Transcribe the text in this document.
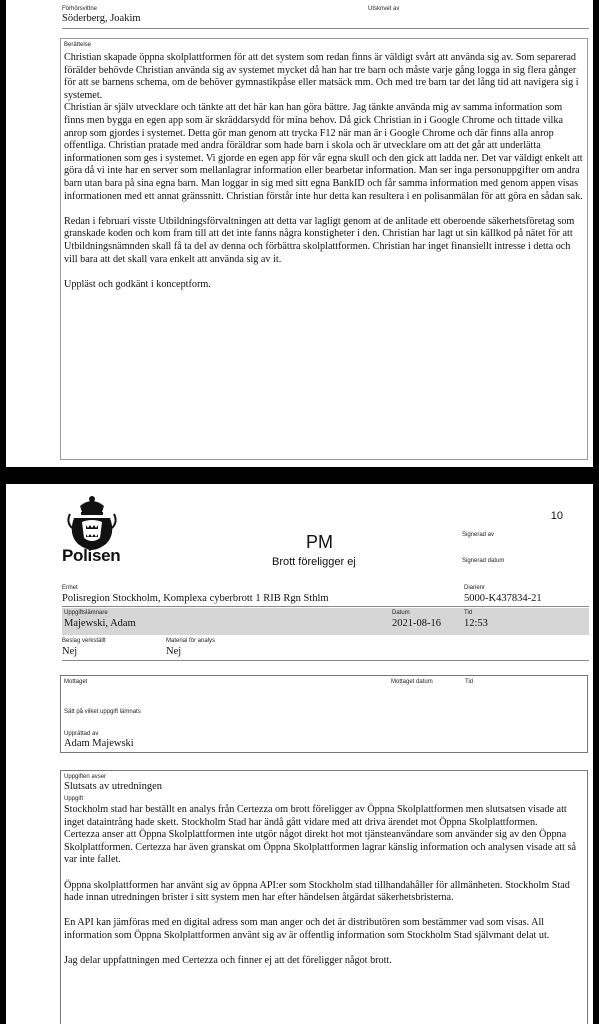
Förhörsvittne
Söderberg, Joakim
Utskrivet av
Berättelse

Christian skapade öppna skolplattformen för att det system som redan finns är väldigt svårt att använda sig av. Som separerad förälder behövde Christian använda sig av systemet mycket då han har tre barn och måste varje gång logga in sig flera gånger för att se barnens schema, om de behöver gymnastikpåse eller matsäck mm. Och med tre barn tar det lång tid att navigera sig i systemet.
Christian är själv utvecklare och tänkte att det här kan han göra bättre. Jag tänkte använda mig av samma information som finns men bygga en egen app som är skräddarsydd för mina behov. Då gick Christian in i Google Chrome och tittade vilka anrop som gjordes i systemet. Detta gör man genom att trycka F12 när man är i Google Chrome och där finns alla anrop offentliga. Christian pratade med andra föräldrar som hade barn i skola och är utvecklare om att det går att underlätta informationen som ges i systemet. Vi gjorde en egen app för vår egna skull och den gick att ladda ner. Det var väldigt enkelt att göra då vi inte har en server som mellanlagrar information eller bearbetar information. Man ser inga personuppgifter om andra barn utan bara på sina egna barn. Man loggar in sig med sitt egna BankID och får samma information med genom appen visas informationen med ett annat gränssnitt. Christian förstår inte hur detta kan resultera i en polisanmälan för att göra en sådan sak.

Redan i februari visste Utbildningsförvaltningen att detta var lagligt genom at de anlitade ett oberoende säkerhetsföretag som granskade koden och kom fram till att det inte fanns några konstigheter i den. Christian har lagt ut sin källkod på nätet för att Utbildningsnämnden skall få ta del av denna och förbättra skolplattformen. Christian har inget finansiellt intresse i detta och vill bara att det skall vara enkelt att använda sig av it.

Uppläst och godkänt i konceptform.

10
Polisen
PM
Brott föreligger ej
Signerad av
Signerad datum
Enhet
Polisregion Stockholm, Komplexa cyberbrott 1 RIB Rgn Sthlm
Diarienr
5000-K437834-21
Uppgiftslämnare
Majewski, Adam
Datum
2021-08-16
Tid
12:53
Beslag verkställt
Nej
Material för analys
Nej
Mottaget	Mottaget datum	Tid
Sätt på vilket uppgift lämnats
Upprättad av
Adam Majewski
Uppgiften avser
Slutsats av utredningen
Uppgift

Stockholm stad har beställt en analys från Certezza om brott föreligger av Öppna Skolplattformen men slutsatsen visade att inget dataintrång hade skett. Stockholm Stad har ändå gått vidare med att driva ärendet mot Öppna Skolplattformen.
Certezza anser att Öppna Skolplattformen inte utgör något direkt hot mot tjänsteanvändare som använder sig av den Öppna Skolplattformen. Certezza har även granskat om Öppna Skolplattformen lagrar känslig information och analysen visade att så var inte fallet.

Öppna skolplattformen har använt sig av öppna API:er som Stockholm stad tillhandahåller för allmänheten. Stockholm Stad hade innan utredningen brister i sitt system men har efter händelsen åtgärdat säkerhetsbristerna.

En API kan jämföras med en digital adress som man anger och det är distributören som bestämmer vad som visas. All information som Öppna Skolplattformen använt sig av är offentlig information som Stockholm Stad självmant delat ut.

Jag delar uppfattningen med Certezza och finner ej att det föreligger något brott.
